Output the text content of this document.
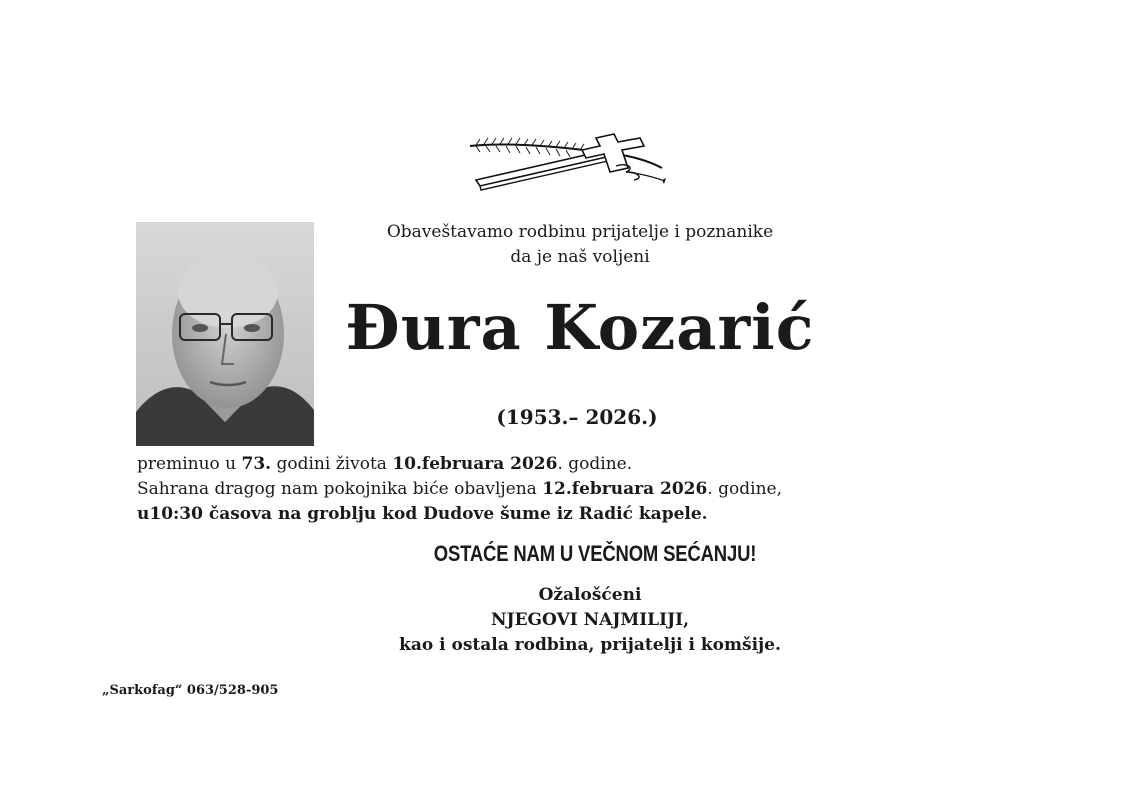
Obaveštavamo rodbinu prijatelje i poznanike
da je naš voljeni
Đura Kozarić
(1953.– 2026.)
preminuo u 73. godini života 10.februara 2026. godine.
Sahrana dragog nam pokojnika biće obavljena 12.februara 2026. godine,
u10:30 časova na groblju kod Dudove šume iz Radić kapele.
OSTAĆE NAM U VEČNOM SEĆANJU!
Ožalošćeni
NJEGOVI NAJMILIJI,
kao i ostala rodbina, prijatelji i komšije.
„Sarkofag“ 063/528-905
